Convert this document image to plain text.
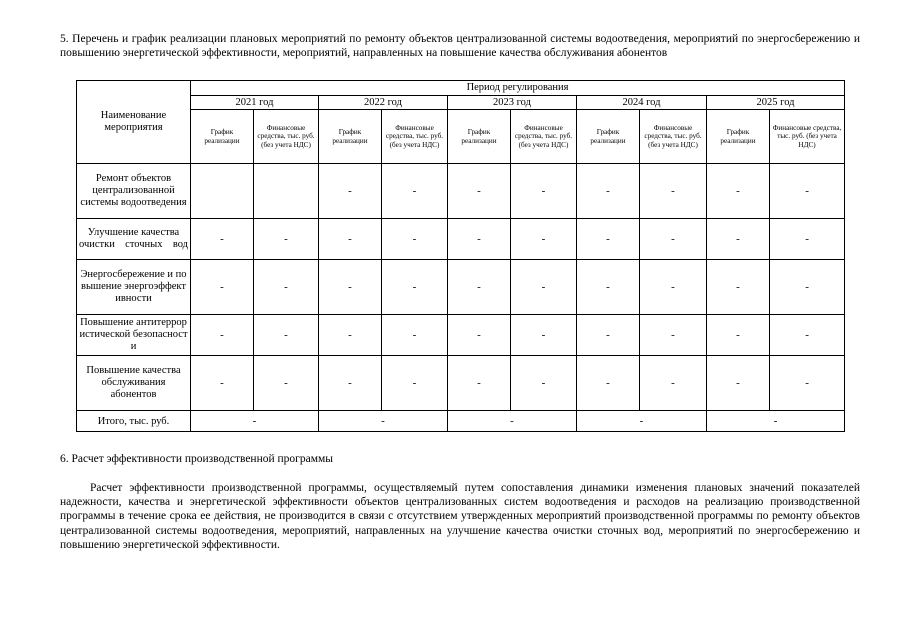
5. Перечень и график реализации плановых мероприятий по ремонту объектов централизованной системы водоотведения, мероприятий по энергосбережению и повышению энергетической эффективности, мероприятий, направленных на повышение качества обслуживания абонентов
Наименование мероприятия	Период регулирования									
	2021 год		2022 год		2023 год		2024 год		2025 год	
	График реализации	Финансовые средства, тыс. руб. (без учета НДС)	График реализации	Финансовые средства, тыс. руб. (без учета НДС)	График реализации	Финансовые средства, тыс. руб. (без учета НДС)	График реализации	Финансовые средства, тыс. руб. (без учета НДС)	График реализации	Финансовые средства, тыс. руб. (без учета НДС)
Ремонт объектов централизованной системы водоотведения			-	-	-	-	-	-	-	-
Улучшение качества очистки сточных вод	-	-	-	-	-	-	-	-	-	-
Энергосбережение и повышение энергоэффективности	-	-	-	-	-	-	-	-	-	-
Повышение антитеррористической безопасности	-	-	-	-	-	-	-	-	-	-
Повышение качества обслуживания абонентов	-	-	-	-	-	-	-	-	-	-
Итого, тыс. руб.	-		-		-		-		-	
6. Расчет эффективности производственной программы
Расчет эффективности производственной программы, осуществляемый путем сопоставления динамики изменения плановых значений показателей надежности, качества и энергетической эффективности объектов централизованных систем водоотведения и расходов на реализацию производственной программы в течение срока ее действия, не производится в связи с отсутствием утвержденных мероприятий производственной программы по ремонту объектов централизованной системы водоотведения, мероприятий, направленных на улучшение качества очистки сточных вод, мероприятий по энергосбережению и повышению энергетической эффективности.
